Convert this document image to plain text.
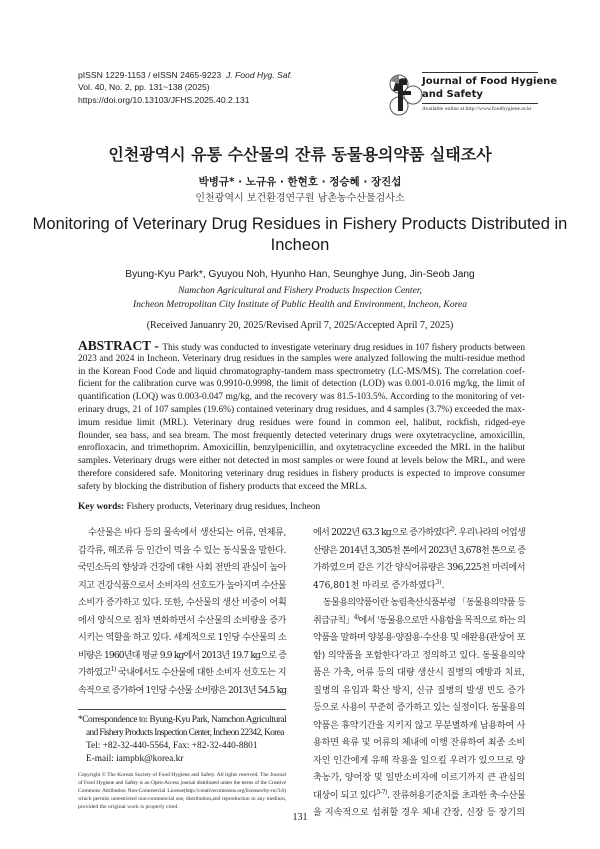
pISSN 1229-1153 / eISSN 2465-9223 J. Food Hyg. Saf.
Vol. 40, No. 2, pp. 131~138 (2025)
https://doi.org/10.13103/JFHS.2025.40.2.131
Journal of Food Hygiene
and Safety
Available online at http://www.foodhygiene.or.kr
인천광역시 유통 수산물의 잔류 동물용의약품 실태조사
박병규* · 노규유 · 한현호 · 정승혜 · 장진섭
인천광역시 보건환경연구원 남촌농수산물검사소
Monitoring of Veterinary Drug Residues in Fishery Products Distributed in Incheon
Byung-Kyu Park*, Gyuyou Noh, Hyunho Han, Seunghye Jung, Jin-Seob Jang
Namchon Agricultural and Fishery Products Inspection Center,
Incheon Metropolitan City Institute of Public Health and Environment, Incheon, Korea
(Received Januanry 20, 2025/Revised April 7, 2025/Accepted April 7, 2025)
ABSTRACT - This study was conducted to investigate veterinary drug residues in 107 fishery products between
2023 and 2024 in Incheon. Veterinary drug residues in the samples were analyzed following the multi-residue method
in the Korean Food Code and liquid chromatography-tandem mass spectrometry (LC-MS/MS). The correlation coef-
ficient for the calibration curve was 0.9910-0.9998, the limit of detection (LOD) was 0.001-0.016 mg/kg, the limit of
quantification (LOQ) was 0.003-0.047 mg/kg, and the recovery was 81.5-103.5%. According to the monitoring of vet-
erinary drugs, 21 of 107 samples (19.6%) contained veterinary drug residues, and 4 samples (3.7%) exceeded the max-
imum residue limit (MRL). Veterinary drug residues were found in common eel, halibut, rockfish, ridged-eye
flounder, sea bass, and sea bream. The most frequently detected veterinary drugs were oxytetracycline, amoxicillin,
enrofloxacin, and trimethoprim. Amoxicillin, benzylpenicillin, and oxytetracycline exceeded the MRL in the halibut
samples. Veterinary drugs were either not detected in most samples or were found at levels below the MRL, and were
therefore considered safe. Monitoring veterinary drug residues in fishery products is expected to improve consumer
safety by blocking the distribution of fishery products that exceed the MRLs.
Key words: Fishery products, Veterinary drug residues, Incheon
수산물은 바다 등의 물속에서 생산되는 어류, 연체류,
갑각류, 해조류 등 인간이 먹을 수 있는 동식물을 말한다.
국민소득의 향상과 건강에 대한 사회 전반의 관심이 높아
지고 건강식품으로서 소비자의 선호도가 높아지며 수산물
소비가 증가하고 있다. 또한, 수산물의 생산 비중이 어획
에서 양식으로 점차 변화하면서 수산물의 소비량을 증가
시키는 역할을 하고 있다. 세계적으로 1인당 수산물의 소
비량은 1960년대 평균 9.9 kg에서 2013년 19.7 kg으로 증
가하였고$^{1)}$ 국내에서도 수산물에 대한 소비자 선호도는 지
속적으로 증가하여 1인당 수산물 소비량은 2013년 54.5 kg
에서 2022년 63.3 kg으로 증가하였다$^{2)}$. 우리나라의 어업생
산량은 2014년 3,305천 톤에서 2023년 3,678천 톤으로 증
가하였으며 같은 기간 양식어류량은 396,225천 마리에서
476,801천 마리로 증가하였다$^{3)}$.
동물용의약품이란 농림축산식품부령 「동물용의약품 등
취급규칙」$^{4)}$에서 ‘동물용으로만 사용함을 목적으로 하는 의
약품을 말하며 양봉용·양잠용·수산용 및 애완용(관상어 포
함) 의약품을 포함한다’라고 정의하고 있다. 동물용의약
품은 가축, 어류 등의 대량 생산시 질병의 예방과 치료,
질병의 유입과 확산 방지, 신규 질병의 발생 빈도 증가
등으로 사용이 꾸준히 증가하고 있는 실정이다. 동물용의
약품은 휴약기간을 지키지 않고 무분별하게 남용하여 사
용하면 육류 및 어류의 체내에 이행 잔류하여 최종 소비
자인 인간에게 유해 작용을 일으킬 우려가 있으므로 양
축농가, 양어장 및 일반소비자에 이르기까지 큰 관심의
대상이 되고 있다$^{5-7)}$. 잔류허용기준치를 초과한 축·수산물
을 지속적으로 섭취할 경우 체내 간장, 신장 등 장기의
*Correspondence to: Byung-Kyu Park, Namchon Agricultural
and Fishery Products Inspection Center, Incheon 22342, Korea
Tel: +82-32-440-5564, Fax: +82-32-440-8801
E-mail: iampbk@korea.kr
Copyright © The Korean Society of Food Hygiene and Safety. All rights reserved. The Journal
of Food Hygiene and Safety is an Open-Access journal distributed under the terms of the Creative
Commons Attribution Non-Commercial License(http://creativecommons.org/licenses/by-nc/3.0)
which permits unrestricted non-commercial use, distribution,and reproduction in any medium,
provided the original work is properly cited.
131
